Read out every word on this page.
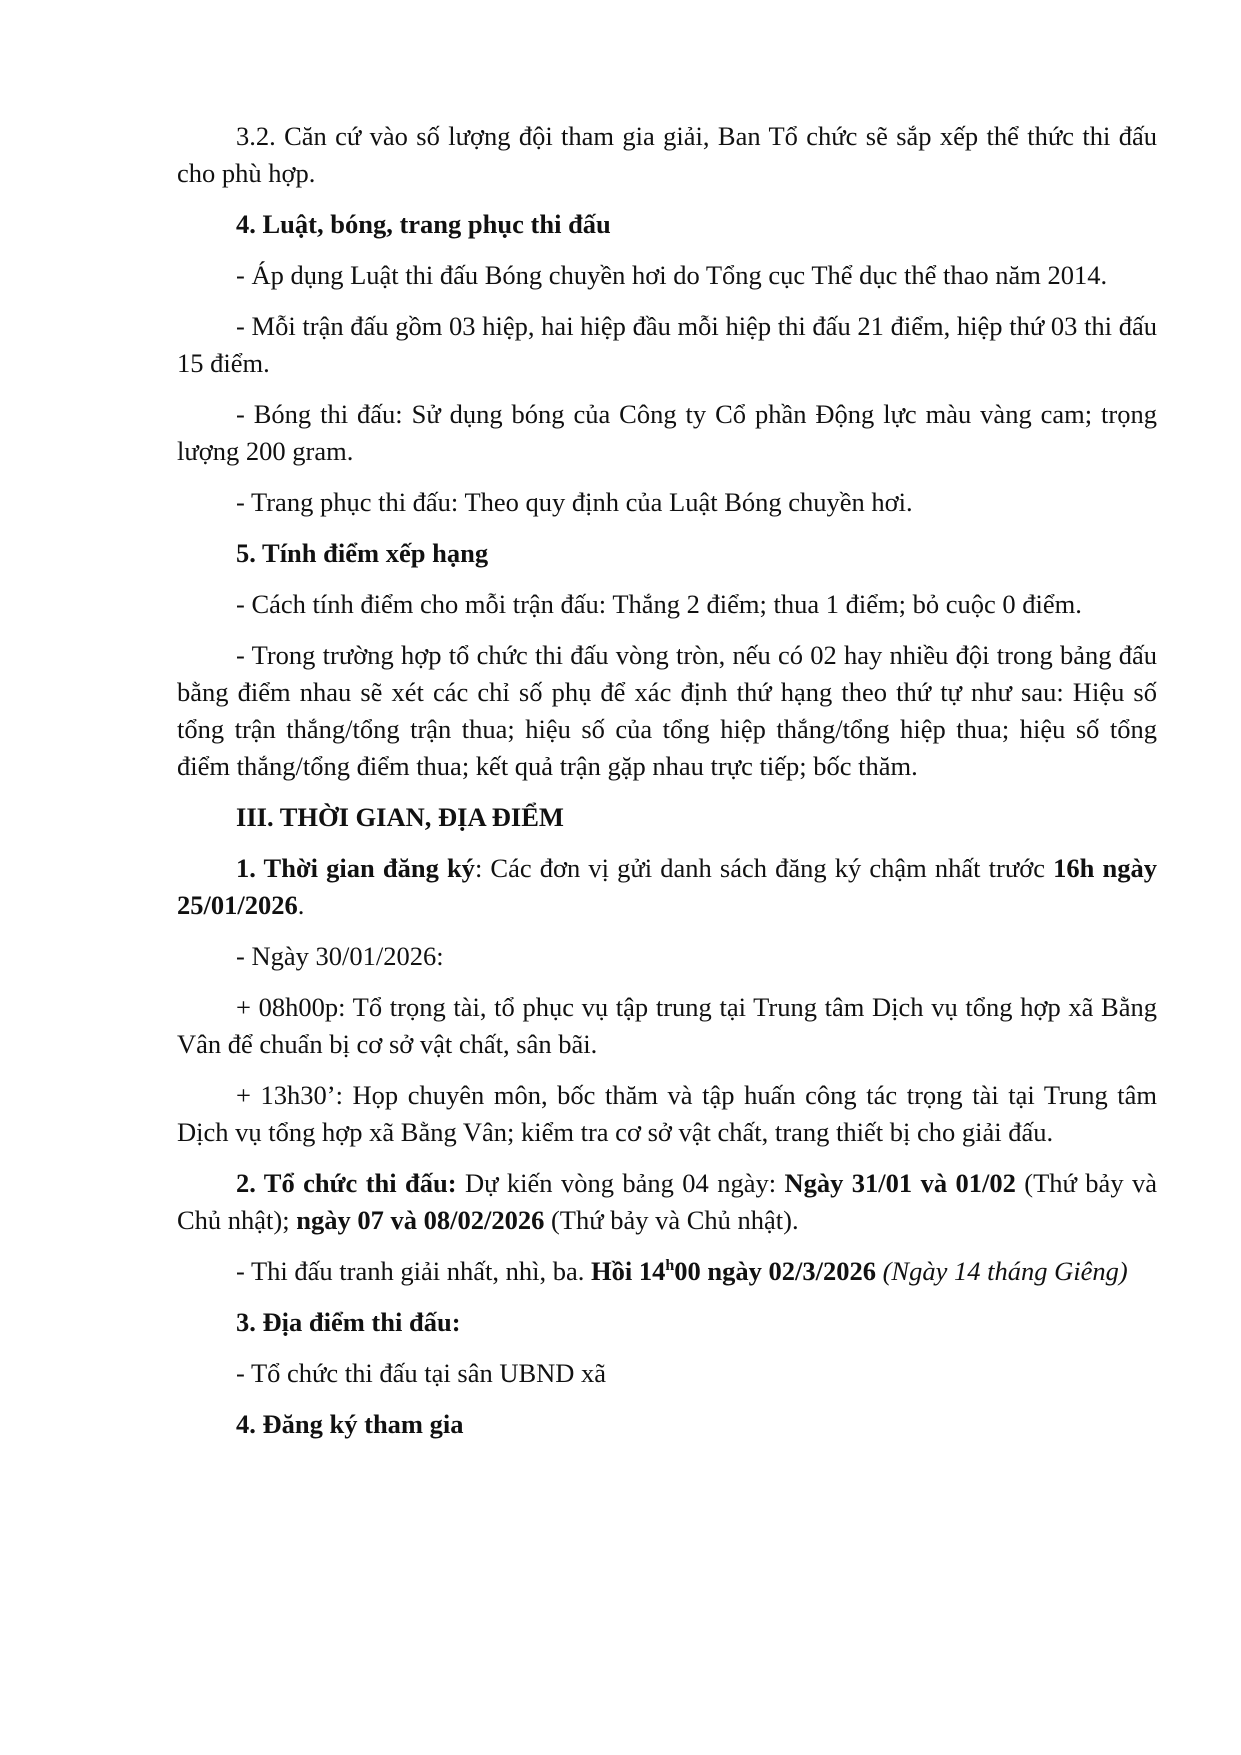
3.2. Căn cứ vào số lượng đội tham gia giải, Ban Tổ chức sẽ sắp xếp thể thức thi đấu cho phù hợp.

4. Luật, bóng, trang phục thi đấu

- Áp dụng Luật thi đấu Bóng chuyền hơi do Tổng cục Thể dục thể thao năm 2014.

- Mỗi trận đấu gồm 03 hiệp, hai hiệp đầu mỗi hiệp thi đấu 21 điểm, hiệp thứ 03 thi đấu 15 điểm.

- Bóng thi đấu: Sử dụng bóng của Công ty Cổ phần Động lực màu vàng cam; trọng lượng 200 gram.

- Trang phục thi đấu: Theo quy định của Luật Bóng chuyền hơi.

5. Tính điểm xếp hạng

- Cách tính điểm cho mỗi trận đấu: Thắng 2 điểm; thua 1 điểm; bỏ cuộc 0 điểm.

- Trong trường hợp tổ chức thi đấu vòng tròn, nếu có 02 hay nhiều đội trong bảng đấu bằng điểm nhau sẽ xét các chỉ số phụ để xác định thứ hạng theo thứ tự như sau: Hiệu số tổng trận thắng/tổng trận thua; hiệu số của tổng hiệp thắng/tổng hiệp thua; hiệu số tổng điểm thắng/tổng điểm thua; kết quả trận gặp nhau trực tiếp; bốc thăm.

III. THỜI GIAN, ĐỊA ĐIỂM

1. Thời gian đăng ký: Các đơn vị gửi danh sách đăng ký chậm nhất trước 16h ngày 25/01/2026.

- Ngày 30/01/2026:

+ 08h00p: Tổ trọng tài, tổ phục vụ tập trung tại Trung tâm Dịch vụ tổng hợp xã Bằng Vân để chuẩn bị cơ sở vật chất, sân bãi.

+ 13h30’: Họp chuyên môn, bốc thăm và tập huấn công tác trọng tài tại Trung tâm Dịch vụ tổng hợp xã Bằng Vân; kiểm tra cơ sở vật chất, trang thiết bị cho giải đấu.

2. Tổ chức thi đấu: Dự kiến vòng bảng 04 ngày: Ngày 31/01 và 01/02 (Thứ bảy và Chủ nhật); ngày 07 và 08/02/2026 (Thứ bảy và Chủ nhật).

- Thi đấu tranh giải nhất, nhì, ba. Hồi 14$^h$00 ngày 02/3/2026 (Ngày 14 tháng Giêng)

3. Địa điểm thi đấu:

- Tổ chức thi đấu tại sân UBND xã

4. Đăng ký tham gia
